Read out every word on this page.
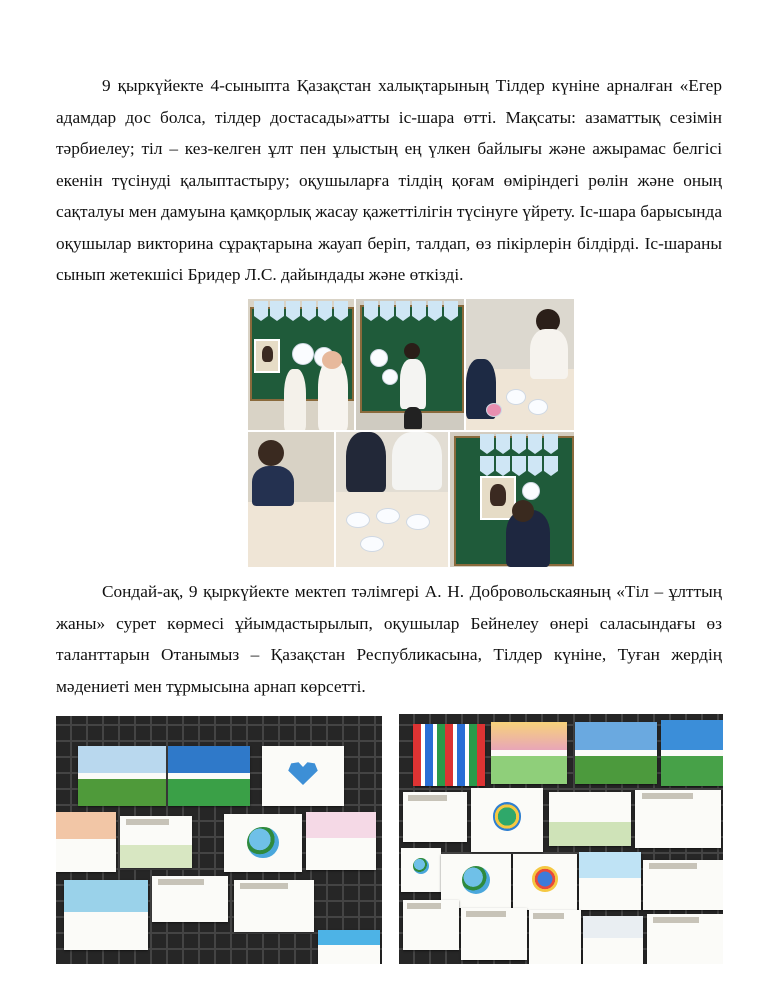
9 қыркүйекте 4-сыныпта Қазақстан халықтарының Тілдер күніне арналған «Егер адамдар дос болса, тілдер достасады»атты іс-шара өтті. Мақсаты: азаматтық сезімін тәрбиелеу; тіл – кез-келген ұлт пен ұлыстың ең үлкен байлығы және ажырамас белгісі екенін түсінуді қалыптастыру; оқушыларға тілдің қоғам өміріндегі рөлін және оның сақталуы мен дамуына қамқорлық жасау қажеттілігін түсінуге үйрету. Іс-шара барысында оқушылар викторина сұрақтарына жауап беріп, талдап, өз пікірлерін білдірді. Іс-шараны сынып жетекшісі Бридер Л.С. дайындады және өткізді.

Сондай-ақ, 9 қыркүйекте мектеп тәлімгері А. Н. Добровольскаяның «Тіл – ұлттың жаны» сурет көрмесі ұйымдастырылып, оқушылар Бейнелеу өнері саласындағы өз таланттарын Отанымыз – Қазақстан Республикасына, Тілдер күніне, Туған жердің мәдениеті мен тұрмысына арнап көрсетті.
